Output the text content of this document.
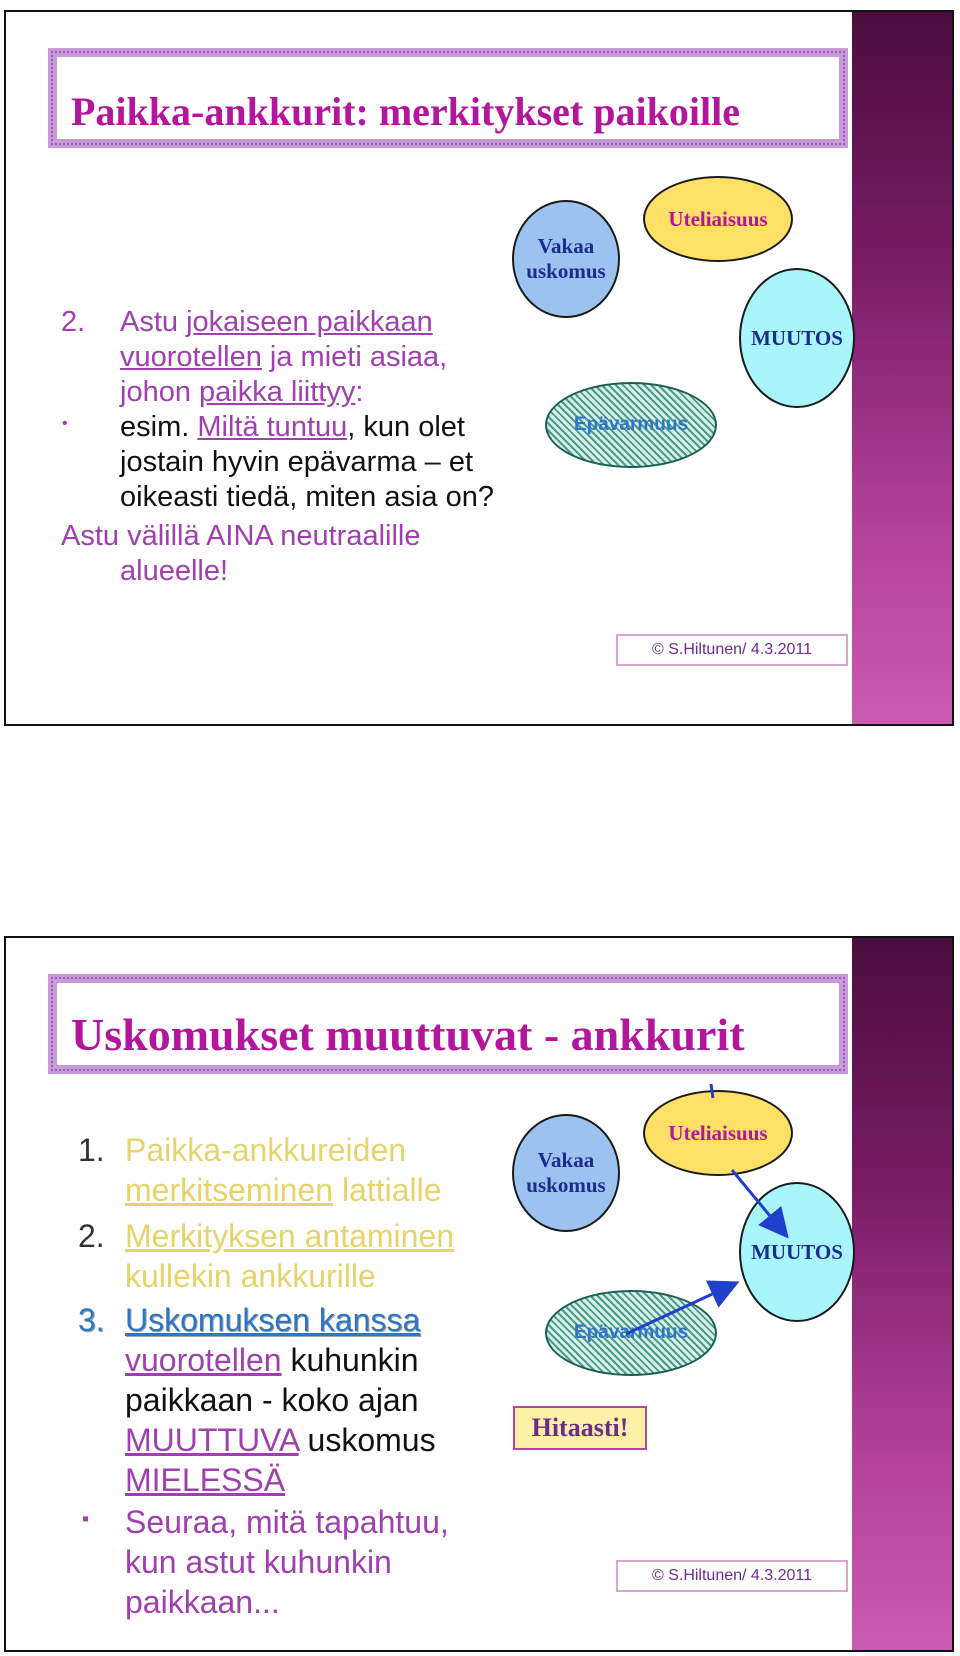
Paikka-ankkurit: merkitykset paikoille
2. Astu jokaiseen paikkaan
vuorotellen ja mieti asiaa,
johon paikka liittyy:
• esim. Miltä tuntuu, kun olet
jostain hyvin epävarma – et
oikeasti tiedä, miten asia on?
Astu välillä AINA neutraalille
alueelle!
Vakaa
uskomus
Uteliaisuus
MUUTOS
Epävarmuus
© S.Hiltunen/ 4.3.2011
Uskomukset muuttuvat - ankkurit
1. Paikka-ankkureiden
merkitseminen lattialle
2. Merkityksen antaminen
kullekin ankkurille
3. Uskomuksen kanssa
vuorotellen kuhunkin
paikkaan - koko ajan
MUUTTUVA uskomus
MIELESSÄ
▪ Seuraa, mitä tapahtuu,
kun astut kuhunkin
paikkaan...
Vakaa
uskomus
Uteliaisuus
MUUTOS
Epävarmuus
Hitaasti!
© S.Hiltunen/ 4.3.2011
